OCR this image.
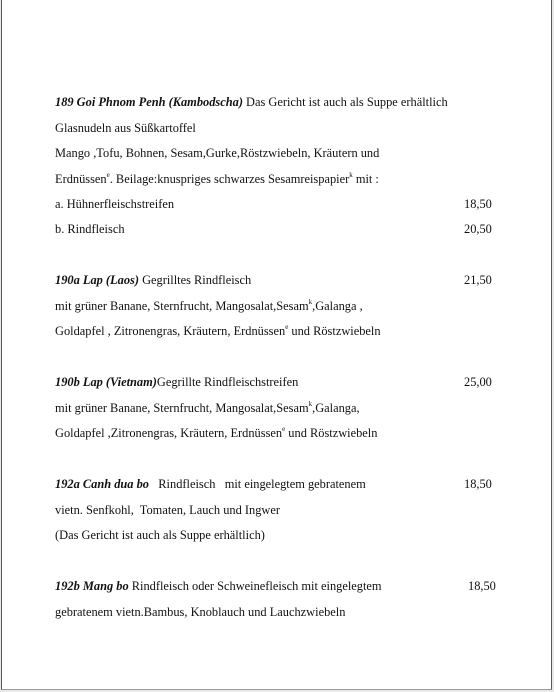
189 Goi Phnom Penh (Kambodscha) Das Gericht ist auch als Suppe erhältlich
Glasnudeln aus Süßkartoffel
Mango ,Tofu, Bohnen, Sesam,Gurke,Röstzwiebeln, Kräutern und
Erdnüssen$^e$. Beilage:knuspriges schwarzes Sesamreispapier$^k$ mit :
a. Hühnerfleischstreifen	18,50
b. Rindfleisch	20,50
190a Lap (Laos) Gegrilltes Rindfleisch	21,50
mit grüner Banane, Sternfrucht, Mangosalat,Sesam$^k$,Galanga ,
Goldapfel , Zitronengras, Kräutern, Erdnüssen$^e$ und Röstzwiebeln
190b Lap (Vietnam)Gegrillte Rindfleischstreifen	25,00
mit grüner Banane, Sternfrucht, Mangosalat,Sesam$^k$,Galanga,
Goldapfel ,Zitronengras, Kräutern, Erdnüssen$^e$ und Röstzwiebeln
192a Canh dua bo   Rindfleisch   mit eingelegtem gebratenem	18,50
vietn. Senfkohl,  Tomaten, Lauch und Ingwer
(Das Gericht ist auch als Suppe erhältlich)
192b Mang bo Rindfleisch oder Schweinefleisch mit eingelegtem	18,50
gebratenem vietn.Bambus, Knoblauch und Lauchzwiebeln
